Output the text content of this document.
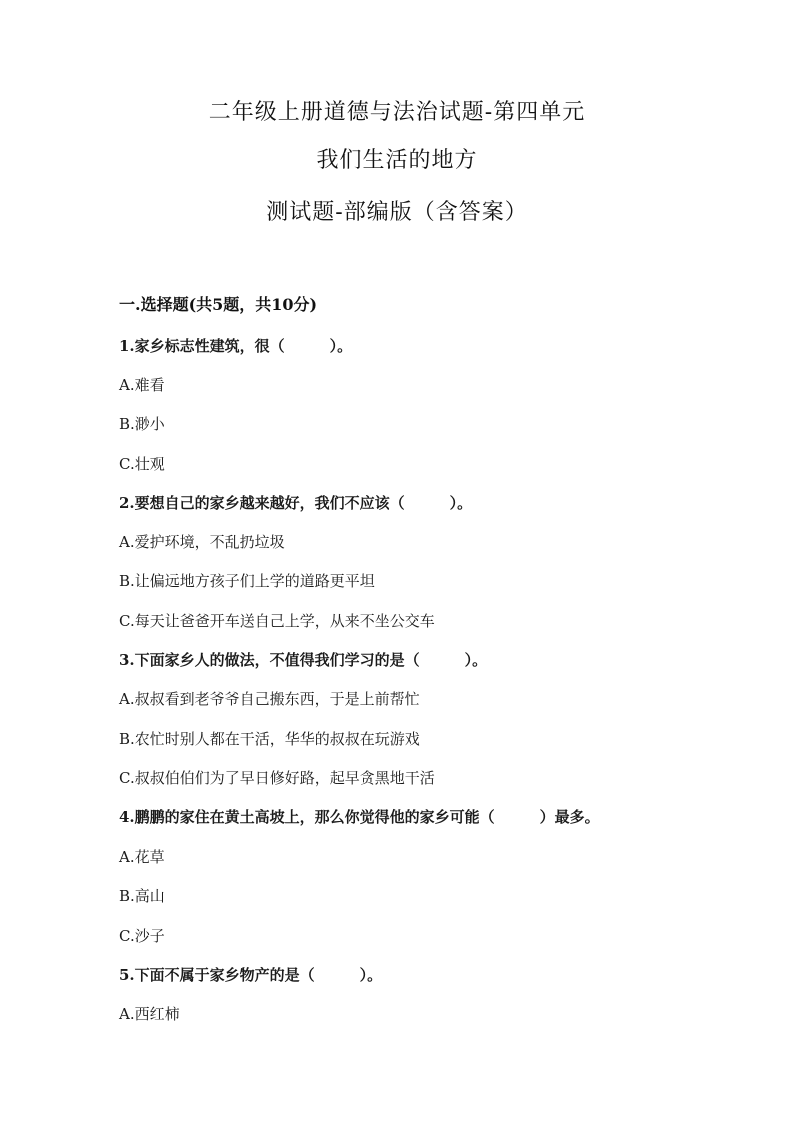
二年级上册道德与法治试题-第四单元
我们生活的地方
测试题-部编版（含答案）
一.选择题(共5题，共10分)
1.家乡标志性建筑，很（　　　）。
A.难看
B.渺小
C.壮观
2.要想自己的家乡越来越好，我们不应该（　　　）。
A.爱护环境，不乱扔垃圾
B.让偏远地方孩子们上学的道路更平坦
C.每天让爸爸开车送自己上学，从来不坐公交车
3.下面家乡人的做法，不值得我们学习的是（　　　）。
A.叔叔看到老爷爷自己搬东西，于是上前帮忙
B.农忙时别人都在干活，华华的叔叔在玩游戏
C.叔叔伯伯们为了早日修好路，起早贪黑地干活
4.鹏鹏的家住在黄土高坡上，那么你觉得他的家乡可能（　　　）最多。
A.花草
B.高山
C.沙子
5.下面不属于家乡物产的是（　　　）。
A.西红柿
